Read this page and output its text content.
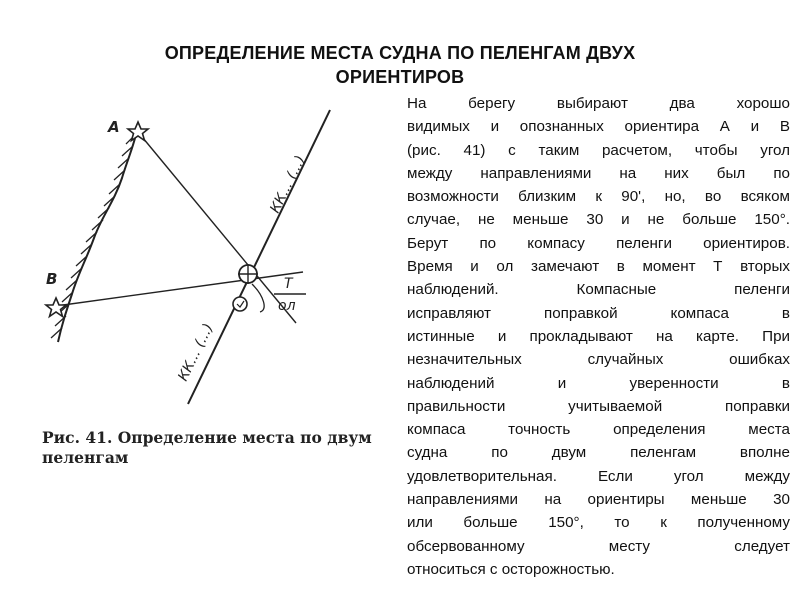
ОПРЕДЕЛЕНИЕ МЕСТА СУДНА ПО ПЕЛЕНГАМ ДВУХ ОРИЕНТИРОВ
Т
ол
A
B
КК... (...)
КК... (...)
Рис. 41. Определение места по двум пеленгам
На берегу выбирают два хорошо
видимых и опознанных ориентира А и В
(рис. 41) с таким расчетом, чтобы угол
между направлениями на них был по
возможности близким к 90', но, во всяком
случае, не меньше 30 и не больше 150°.
Берут по компасу пеленги ориентиров.
Время и ол замечают в момент Т вторых
наблюдений. Компасные пеленги
исправляют поправкой компаса в
истинные и прокладывают на карте. При
незначительных случайных ошибках
наблюдений и уверенности в
правильности учитываемой поправки
компаса точность определения места
судна по двум пеленгам вполне
удовлетворительная. Если угол между
направлениями на ориентиры меньше 30
или больше 150°, то к полученному
обсервованному месту следует
относиться с осторожностью.
